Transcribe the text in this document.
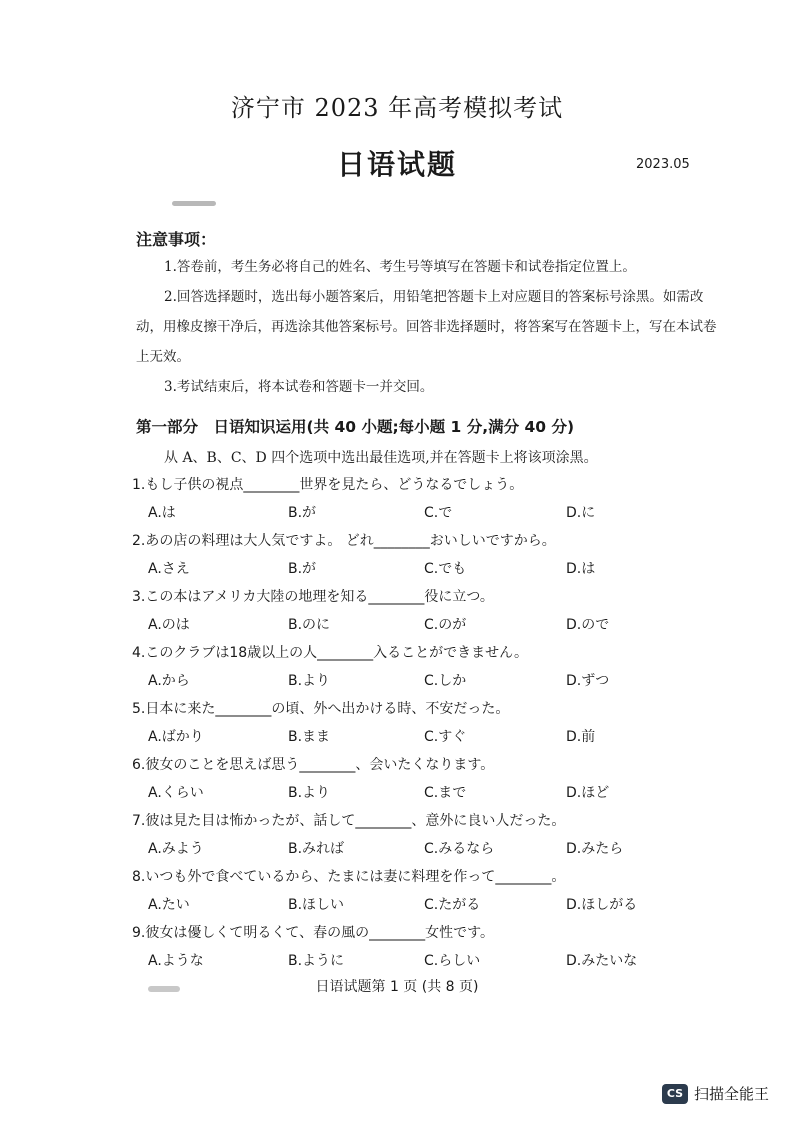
济宁市 2023 年高考模拟考试
日语试题	2023.05
注意事项：

1.答卷前，考生务必将自己的姓名、考生号等填写在答题卡和试卷指定位置上。

2.回答选择题时，选出每小题答案后，用铅笔把答题卡上对应题目的答案标号涂黑。如需改动，用橡皮擦干净后，再选涂其他答案标号。回答非选择题时，将答案写在答题卡上，写在本试卷上无效。

3.考试结束后，将本试卷和答题卡一并交回。

第一部分　日语知识运用(共 40 小题;每小题 1 分,满分 40 分)
从 A、B、C、D 四个选项中选出最佳选项,并在答题卡上将该项涂黑。
1.もし子供の視点________世界を見たら、どうなるでしょう。
A.は	B.が	C.で	D.に
2.あの店の料理は大人気ですよ。 どれ________おいしいですから。
A.さえ	B.が	C.でも	D.は
3.この本はアメリカ大陸の地理を知る________役に立つ。
A.のは	B.のに	C.のが	D.ので
4.このクラブは18歳以上の人________入ることができません。
A.から	B.より	C.しか	D.ずつ
5.日本に来た________の頃、外へ出かける時、不安だった。
A.ばかり	B.まま	C.すぐ	D.前
6.彼女のことを思えば思う________、会いたくなります。
A.くらい	B.より	C.まで	D.ほど
7.彼は見た目は怖かったが、話して________、意外に良い人だった。
A.みよう	B.みれば	C.みるなら	D.みたら
8.いつも外で食べているから、たまには妻に料理を作って________。
A.たい	B.ほしい	C.たがる	D.ほしがる
9.彼女は優しくて明るくて、春の風の________女性です。
A.ような	B.ように	C.らしい	D.みたいな
日语试题第 1 页 (共 8 页)
CS 扫描全能王
